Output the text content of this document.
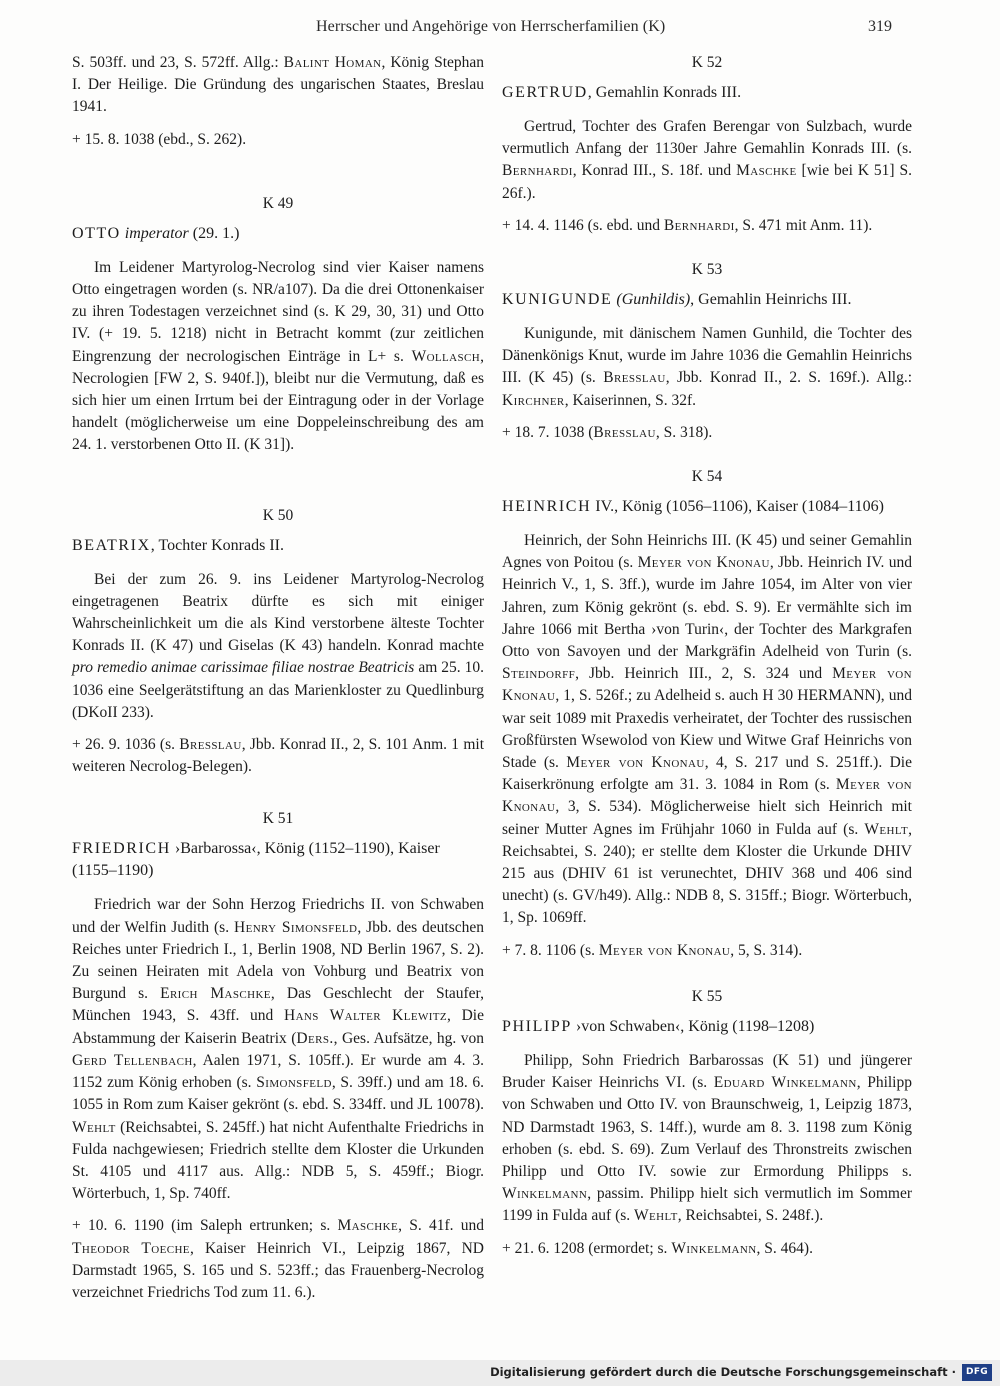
Herrscher und Angehörige von Herrscherfamilien (K)	319

S. 503ff. und 23, S. 572ff. Allg.: Balint Homan, König Stephan I. Der Heilige. Die Gründung des ungarischen Staates, Breslau 1941.

+ 15. 8. 1038 (ebd., S. 262).

K 49
OTTO imperator (29. 1.)

Im Leidener Martyrolog-Necrolog sind vier Kaiser namens Otto eingetragen worden (s. NR/a107). Da die drei Ottonenkaiser zu ihren Todestagen verzeichnet sind (s. K 29, 30, 31) und Otto IV. (+ 19. 5. 1218) nicht in Betracht kommt (zur zeitlichen Eingrenzung der necrologischen Einträge in L+ s. Wollasch, Necrologien [FW 2, S. 940f.]), bleibt nur die Vermutung, daß es sich hier um einen Irrtum bei der Eintragung oder in der Vorlage handelt (möglicherweise um eine Doppeleinschreibung des am 24. 1. verstorbenen Otto II. (K 31]).

K 50
BEATRIX, Tochter Konrads II.

Bei der zum 26. 9. ins Leidener Martyrolog-Necrolog eingetragenen Beatrix dürfte es sich mit einiger Wahrscheinlichkeit um die als Kind verstorbene älteste Tochter Konrads II. (K 47) und Giselas (K 43) handeln. Konrad machte pro remedio animae carissimae filiae nostrae Beatricis am 25. 10. 1036 eine Seelgerätstiftung an das Marienkloster zu Quedlinburg (DKoII 233).

+ 26. 9. 1036 (s. Bresslau, Jbb. Konrad II., 2, S. 101 Anm. 1 mit weiteren Necrolog-Belegen).

K 51
FRIEDRICH ›Barbarossa‹, König (1152–1190), Kaiser (1155–1190)

Friedrich war der Sohn Herzog Friedrichs II. von Schwaben und der Welfin Judith (s. Henry Simonsfeld, Jbb. des deutschen Reiches unter Friedrich I., 1, Berlin 1908, ND Berlin 1967, S. 2). Zu seinen Heiraten mit Adela von Vohburg und Beatrix von Burgund s. Erich Maschke, Das Geschlecht der Staufer, München 1943, S. 43ff. und Hans Walter Klewitz, Die Abstammung der Kaiserin Beatrix (Ders., Ges. Aufsätze, hg. von Gerd Tellenbach, Aalen 1971, S. 105ff.). Er wurde am 4. 3. 1152 zum König erhoben (s. Simonsfeld, S. 39ff.) und am 18. 6. 1055 in Rom zum Kaiser gekrönt (s. ebd. S. 334ff. und JL 10078). Wehlt (Reichsabtei, S. 245ff.) hat nicht Aufenthalte Friedrichs in Fulda nachgewiesen; Friedrich stellte dem Kloster die Urkunden St. 4105 und 4117 aus. Allg.: NDB 5, S. 459ff.; Biogr. Wörterbuch, 1, Sp. 740ff.

+ 10. 6. 1190 (im Saleph ertrunken; s. Maschke, S. 41f. und Theodor Toeche, Kaiser Heinrich VI., Leipzig 1867, ND Darmstadt 1965, S. 165 und S. 523ff.; das Frauenberg-Necrolog verzeichnet Friedrichs Tod zum 11. 6.).

K 52
GERTRUD, Gemahlin Konrads III.

Gertrud, Tochter des Grafen Berengar von Sulzbach, wurde vermutlich Anfang der 1130er Jahre Gemahlin Konrads III. (s. Bernhardi, Konrad III., S. 18f. und Maschke [wie bei K 51] S. 26f.).

+ 14. 4. 1146 (s. ebd. und Bernhardi, S. 471 mit Anm. 11).

K 53
KUNIGUNDE (Gunhildis), Gemahlin Heinrichs III.

Kunigunde, mit dänischem Namen Gunhild, die Tochter des Dänenkönigs Knut, wurde im Jahre 1036 die Gemahlin Heinrichs III. (K 45) (s. Bresslau, Jbb. Konrad II., 2. S. 169f.). Allg.: Kirchner, Kaiserinnen, S. 32f.

+ 18. 7. 1038 (Bresslau, S. 318).

K 54
HEINRICH IV., König (1056–1106), Kaiser (1084–1106)

Heinrich, der Sohn Heinrichs III. (K 45) und seiner Gemahlin Agnes von Poitou (s. Meyer von Knonau, Jbb. Heinrich IV. und Heinrich V., 1, S. 3ff.), wurde im Jahre 1054, im Alter von vier Jahren, zum König gekrönt (s. ebd. S. 9). Er vermählte sich im Jahre 1066 mit Bertha ›von Turin‹, der Tochter des Markgrafen Otto von Savoyen und der Markgräfin Adelheid von Turin (s. Steindorff, Jbb. Heinrich III., 2, S. 324 und Meyer von Knonau, 1, S. 526f.; zu Adelheid s. auch H 30 HERMANN), und war seit 1089 mit Praxedis verheiratet, der Tochter des russischen Großfürsten Wsewolod von Kiew und Witwe Graf Heinrichs von Stade (s. Meyer von Knonau, 4, S. 217 und S. 251ff.). Die Kaiserkrönung erfolgte am 31. 3. 1084 in Rom (s. Meyer von Knonau, 3, S. 534). Möglicherweise hielt sich Heinrich mit seiner Mutter Agnes im Frühjahr 1060 in Fulda auf (s. Wehlt, Reichsabtei, S. 240); er stellte dem Kloster die Urkunde DHIV 215 aus (DHIV 61 ist verunechtet, DHIV 368 und 406 sind unecht) (s. GV/h49). Allg.: NDB 8, S. 315ff.; Biogr. Wörterbuch, 1, Sp. 1069ff.

+ 7. 8. 1106 (s. Meyer von Knonau, 5, S. 314).

K 55
PHILIPP ›von Schwaben‹, König (1198–1208)

Philipp, Sohn Friedrich Barbarossas (K 51) und jüngerer Bruder Kaiser Heinrichs VI. (s. Eduard Winkelmann, Philipp von Schwaben und Otto IV. von Braunschweig, 1, Leipzig 1873, ND Darmstadt 1963, S. 14ff.), wurde am 8. 3. 1198 zum König erhoben (s. ebd. S. 69). Zum Verlauf des Thronstreits zwischen Philipp und Otto IV. sowie zur Ermordung Philipps s. Winkelmann, passim. Philipp hielt sich vermutlich im Sommer 1199 in Fulda auf (s. Wehlt, Reichsabtei, S. 248f.).

+ 21. 6. 1208 (ermordet; s. Winkelmann, S. 464).

Digitalisierung gefördert durch die Deutsche Forschungsgemeinschaft ·	DFG
